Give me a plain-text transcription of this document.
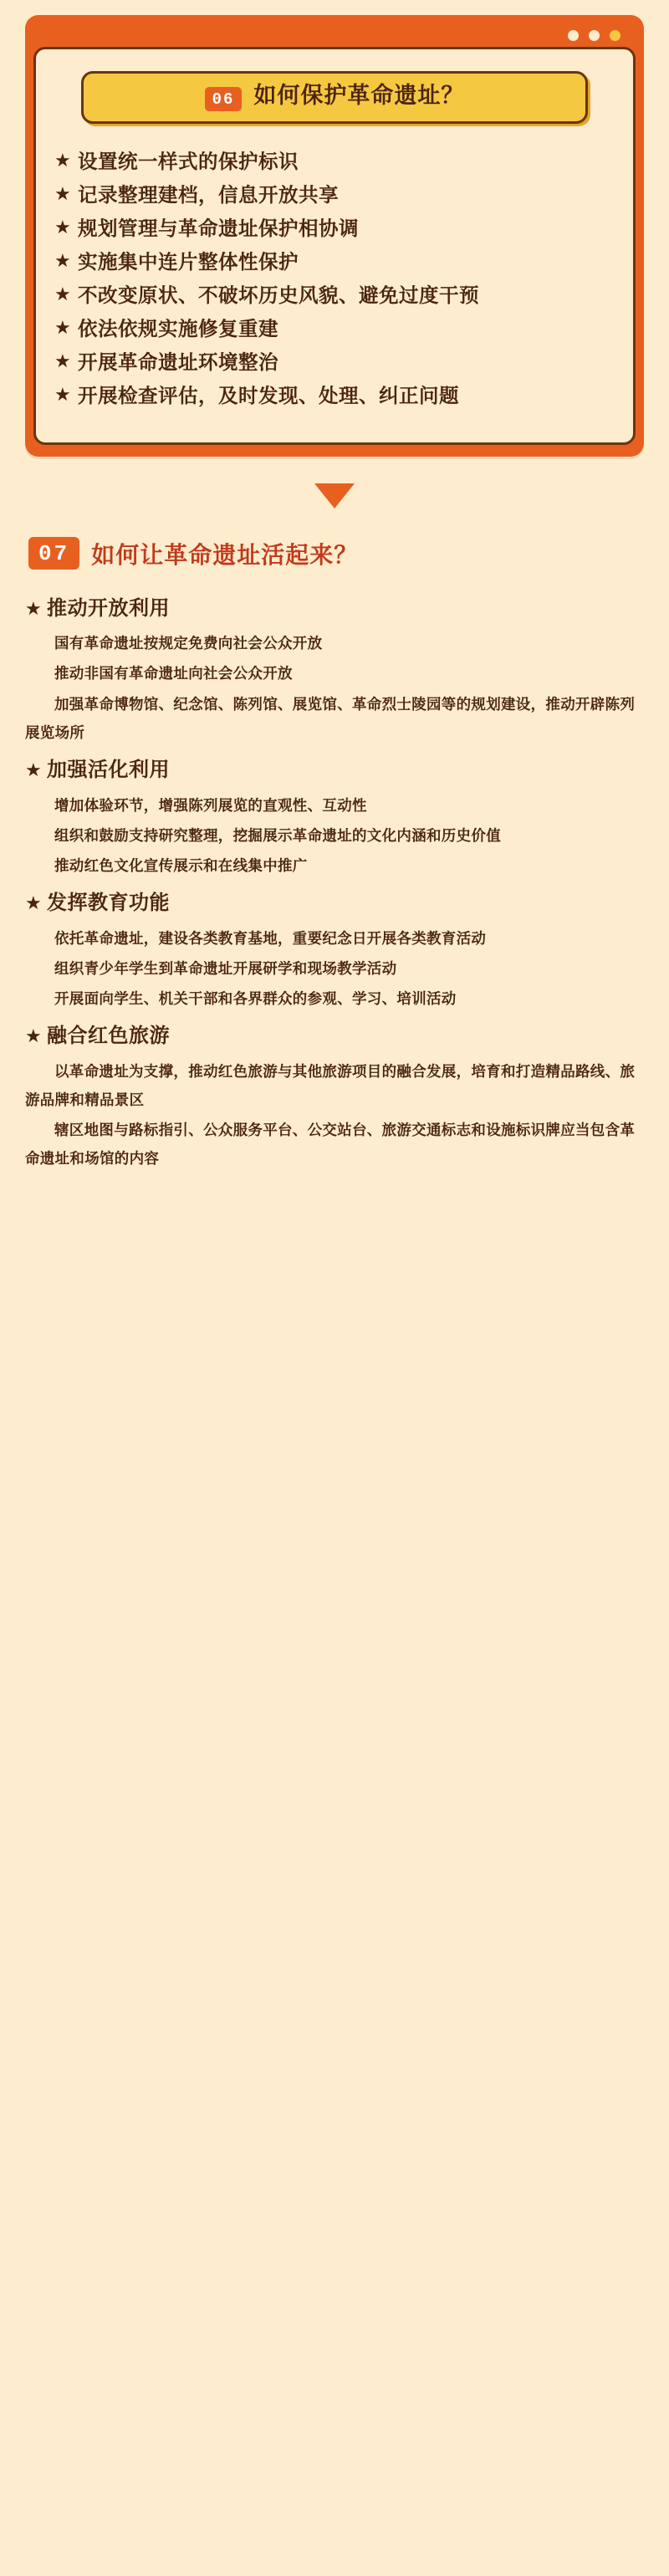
06 如何保护革命遗址？
★ 设置统一样式的保护标识
★ 记录整理建档，信息开放共享
★ 规划管理与革命遗址保护相协调
★ 实施集中连片整体性保护
★ 不改变原状、不破坏历史风貌、避免过度干预
★ 依法依规实施修复重建
★ 开展革命遗址环境整治
★ 开展检查评估，及时发现、处理、纠正问题
07 如何让革命遗址活起来？
★ 推动开放利用

国有革命遗址按规定免费向社会公众开放

推动非国有革命遗址向社会公众开放

加强革命博物馆、纪念馆、陈列馆、展览馆、革命烈士陵园等的规划建设，推动开辟陈列展览场所

★ 加强活化利用

增加体验环节，增强陈列展览的直观性、互动性

组织和鼓励支持研究整理，挖掘展示革命遗址的文化内涵和历史价值

推动红色文化宣传展示和在线集中推广

★ 发挥教育功能

依托革命遗址，建设各类教育基地，重要纪念日开展各类教育活动

组织青少年学生到革命遗址开展研学和现场教学活动

开展面向学生、机关干部和各界群众的参观、学习、培训活动

★ 融合红色旅游

以革命遗址为支撑，推动红色旅游与其他旅游项目的融合发展，培育和打造精品路线、旅游品牌和精品景区

辖区地图与路标指引、公众服务平台、公交站台、旅游交通标志和设施标识牌应当包含革命遗址和场馆的内容
